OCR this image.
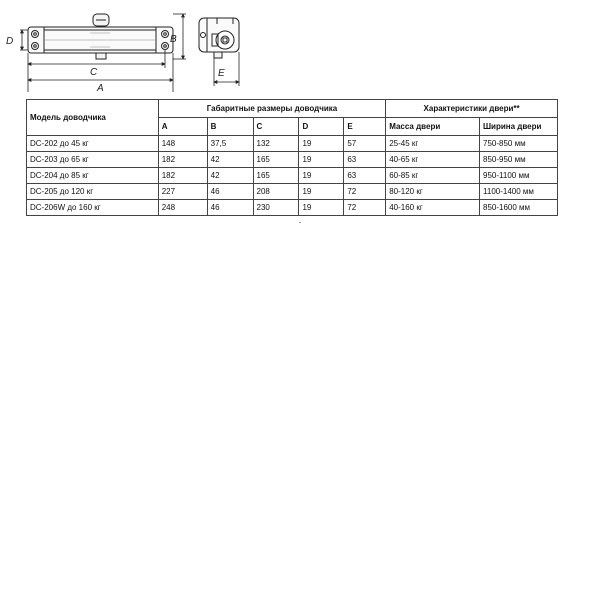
D	B
C
A
E
Модель доводчика	Габаритные размеры доводчика					Характеристики двери**	
	A	B	C	D	E	Масса двери	Ширина двери
DC-202 до 45 кг	148	37,5	132	19	57	25-45 кг	750-850 мм
DC-203 до 65 кг	182	42	165	19	63	40-65 кг	850-950 мм
DC-204 до 85 кг	182	42	165	19	63	60-85 кг	950-1100 мм
DC-205 до 120 кг	227	46	208	19	72	80-120 кг	1100-1400 мм
DC-206W до 160 кг	248	46	230	19	72	40-160 кг	850-1600 мм
